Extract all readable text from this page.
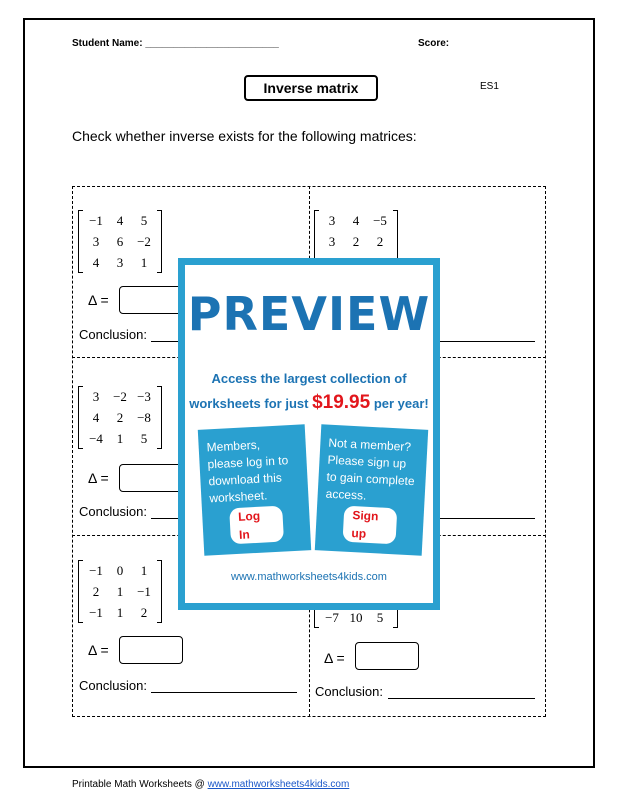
Student Name: ________________________	Score:
Inverse matrix	ES1
Check whether inverse exists for the following matrices:
−1	4	5
3	6	−2
4	3	1
Δ =
Conclusion:
3	4	−5
3	2	2
3	−2 −3
4	2	−8
−4	1	5
Δ =
Conclusion:
−1	0	1
2	1	−1
−1	1	2
Δ =
Conclusion:
−7 10	5
Δ =
Conclusion:
PREVIEW
Access the largest collection of
worksheets for just $19.95 per year!
Members, please log in to download this worksheet.
Log In
Not a member? Please sign up to gain complete access.
Sign up
www.mathworksheets4kids.com
Printable Math Worksheets @ www.mathworksheets4kids.com
